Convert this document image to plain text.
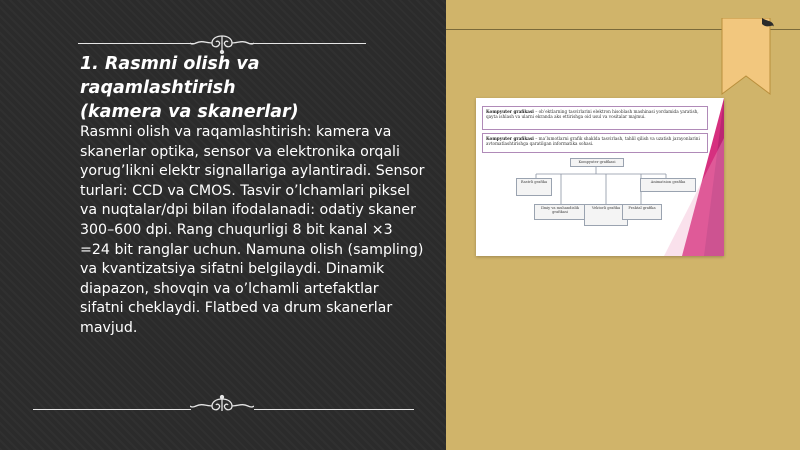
1. Rasmni olish va raqamlashtirish
(kamera va skanerlar)

Rasmni olish va raqamlashtirish: kamera va skanerlar optika, sensor va elektronika orqali yorug’likni elektr signallariga aylantiradi. Sensor turlari: CCD va CMOS. Tasvir o’lchamlari piksel va nuqtalar/dpi bilan ifodalanadi: odatiy skaner 300–600 dpi. Rang chuqurligi 8 bit kanal ×3 =24 bit ranglar uchun. Namuna olish (sampling) va kvantizatsiya sifatni belgilaydi. Dinamik diapazon, shovqin va o’lchamli artefaktlar sifatni cheklaydi. Flatbed va drum skanerlar mavjud.

Kompyuter grafikasi – ob’ektlarning tasvirlarini elektron hisoblash mashinasi yordamida yaratish, qayta ishlash va ularni ekranda aks ettirishga oid usul va vositalar majmui.
Kompyuter grafikasi – ma’lumotlarni grafik shaklda tasvirlash, tahlil qilish va uzatish jarayonlarini avtomatlashtirishga qaratilgan informatika sohasi.
Kompyuter grafikasi
Rastrli grafika
Ilmiy va muhandislik grafikasi
Vektorli grafika	Fraktal grafika
Animatsion grafika
